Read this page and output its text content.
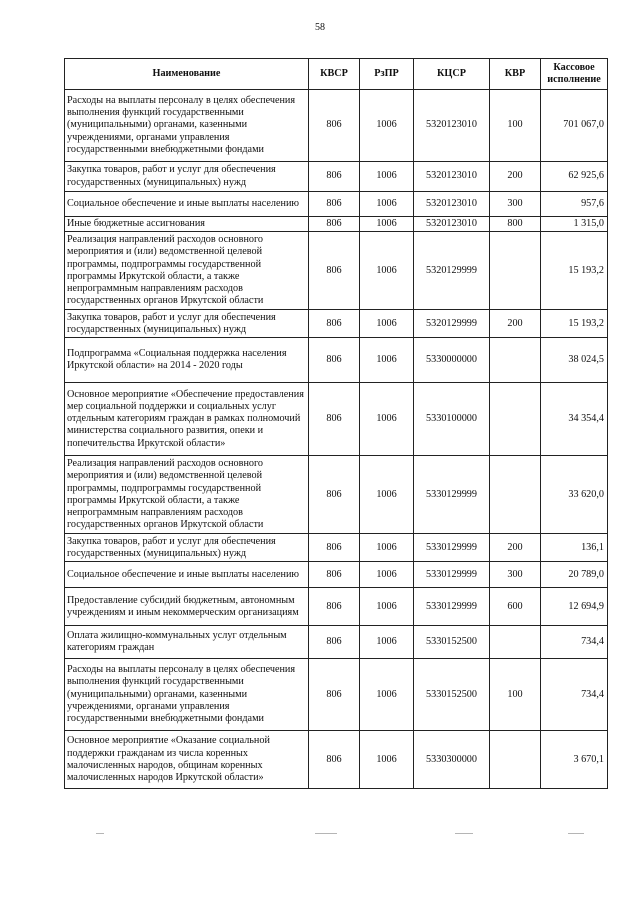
58
Наименование	КВСР	РзПР	КЦСР	КВР	Кассовое исполнение
Расходы на выплаты персоналу в целях обеспечения выполнения функций государственными (муниципальными) органами, казенными учреждениями, органами управления государственными внебюджетными фондами	806	1006	5320123010	100	701 067,0
Закупка товаров, работ и услуг для обеспечения государственных (муниципальных) нужд	806	1006	5320123010	200	62 925,6
Социальное обеспечение и иные выплаты населению	806	1006	5320123010	300	957,6
Иные бюджетные ассигнования	806	1006	5320123010	800	1 315,0
Реализация направлений расходов основного мероприятия и (или) ведомственной целевой программы, подпрограммы государственной программы Иркутской области, а также непрограммным направлениям расходов государственных органов Иркутской области	806	1006	5320129999		15 193,2
Закупка товаров, работ и услуг для обеспечения государственных (муниципальных) нужд	806	1006	5320129999	200	15 193,2
Подпрограмма «Социальная поддержка населения Иркутской области» на 2014 - 2020 годы	806	1006	5330000000		38 024,5
Основное мероприятие «Обеспечение предоставления мер социальной поддержки и социальных услуг отдельным категориям граждан в рамках полномочий министерства социального развития, опеки и попечительства Иркутской области»	806	1006	5330100000		34 354,4
Реализация направлений расходов основного мероприятия и (или) ведомственной целевой программы, подпрограммы государственной программы Иркутской области, а также непрограммным направлениям расходов государственных органов Иркутской области	806	1006	5330129999		33 620,0
Закупка товаров, работ и услуг для обеспечения государственных (муниципальных) нужд	806	1006	5330129999	200	136,1
Социальное обеспечение и иные выплаты населению	806	1006	5330129999	300	20 789,0
Предоставление субсидий бюджетным, автономным учреждениям и иным некоммерческим организациям	806	1006	5330129999	600	12 694,9
Оплата жилищно-коммунальных услуг отдельным категориям граждан	806	1006	5330152500		734,4
Расходы на выплаты персоналу в целях обеспечения выполнения функций государственными (муниципальными) органами, казенными учреждениями, органами управления государственными внебюджетными фондами	806	1006	5330152500	100	734,4
Основное мероприятие «Оказание социальной поддержки гражданам из числа коренных малочисленных народов, общинам коренных малочисленных народов Иркутской области»	806	1006	5330300000		3 670,1
